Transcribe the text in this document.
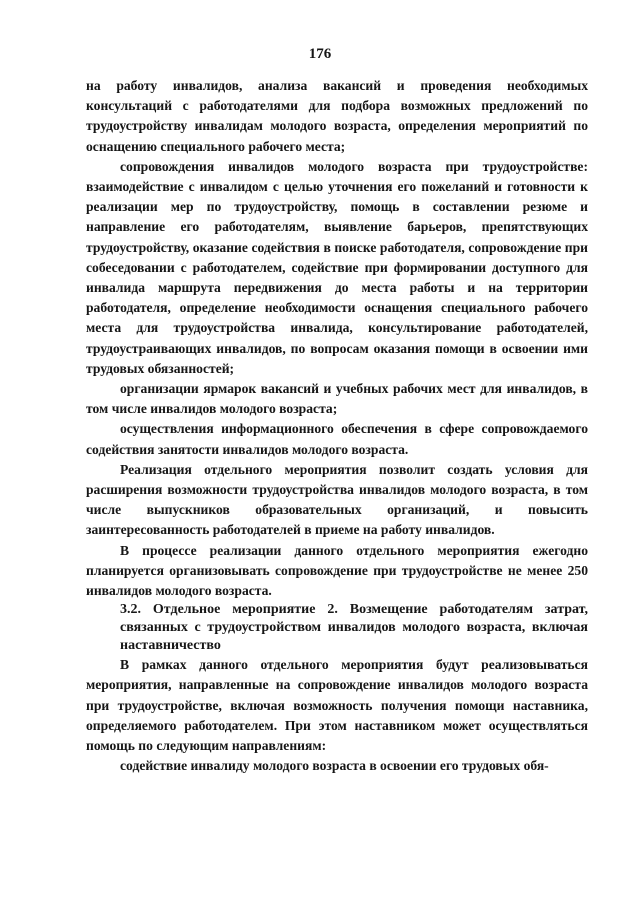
176

на работу инвалидов, анализа вакансий и проведения необходимых консультаций с работодателями для подбора возможных предложений по трудоустройству инвалидам молодого возраста, определения мероприятий по оснащению специального рабочего места;

сопровождения инвалидов молодого возраста при трудоустройстве: взаимодействие с инвалидом с целью уточнения его пожеланий и готовности к реализации мер по трудоустройству, помощь в составлении резюме и направление его работодателям, выявление барьеров, препятствующих трудоустройству, оказание содействия в поиске работодателя, сопровождение при собеседовании с работодателем, содействие при формировании доступного для инвалида маршрута передвижения до места работы и на территории работодателя, определение необходимости оснащения специального рабочего места для трудоустройства инвалида, консультирование работодателей, трудоустраивающих инвалидов, по вопросам оказания помощи в освоении ими трудовых обязанностей;

организации ярмарок вакансий и учебных рабочих мест для инвалидов, в том числе инвалидов молодого возраста;

осуществления информационного обеспечения в сфере сопровождаемого содействия занятости инвалидов молодого возраста.

Реализация отдельного мероприятия позволит создать условия для расширения возможности трудоустройства инвалидов молодого возраста, в том числе выпускников образовательных организаций, и повысить заинтересованность работодателей в приеме на работу инвалидов.

В процессе реализации данного отдельного мероприятия ежегодно планируется организовывать сопровождение при трудоустройстве не менее 250 инвалидов молодого возраста.

3.2. Отдельное мероприятие 2. Возмещение работодателям затрат, связанных с трудоустройством инвалидов молодого возраста, включая наставничество

В рамках данного отдельного мероприятия будут реализовываться мероприятия, направленные на сопровождение инвалидов молодого возраста при трудоустройстве, включая возможность получения помощи наставника, определяемого работодателем. При этом наставником может осуществляться помощь по следующим направлениям:

содействие инвалиду молодого возраста в освоении его трудовых обя-
